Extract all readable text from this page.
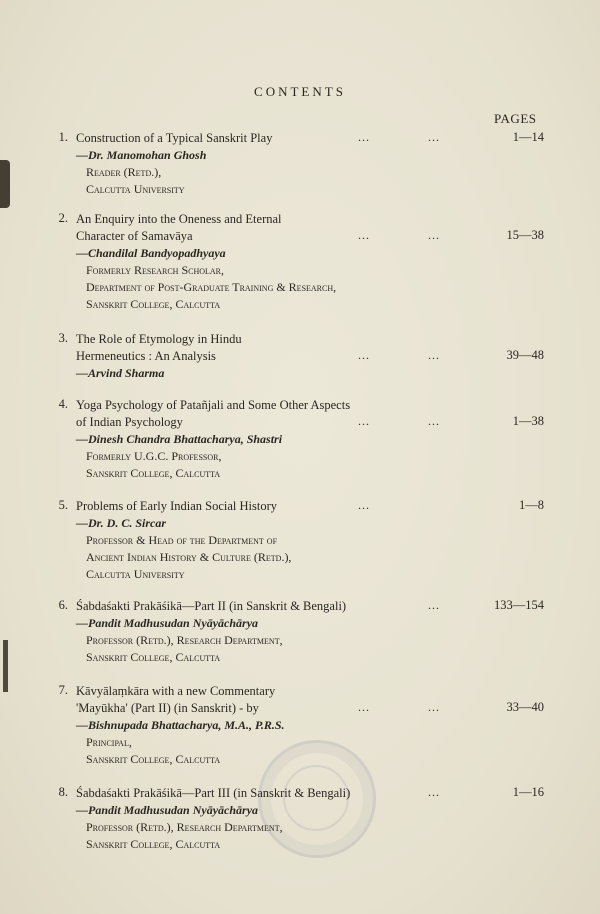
CONTENTS
PAGES
1. Construction of a Typical Sanskrit Play
—Dr. Manomohan Ghosh
Reader (Retd.),
Calcutta University
...	...	1—14
2. An Enquiry into the Oneness and Eternal
Character of Samavāya
—Chandilal Bandyopadhyaya
Formerly Research Scholar,
Department of Post-Graduate Training & Research,
Sanskrit College, Calcutta
...	...	15—38
3. The Role of Etymology in Hindu
Hermeneutics : An Analysis
—Arvind Sharma
...	...	39—48
4. Yoga Psychology of Patañjali and Some Other Aspects
of Indian Psychology
—Dinesh Chandra Bhattacharya, Shastri
Formerly U.G.C. Professor,
Sanskrit College, Calcutta
...	...	1—38
5. Problems of Early Indian Social History
—Dr. D. C. Sircar
Professor & Head of the Department of
Ancient Indian History & Culture (Retd.),
Calcutta University
...	1—8
6. Śabdaśakti Prakāśikā—Part II (in Sanskrit & Bengali)
—Pandit Madhusudan Nyāyāchārya
Professor (Retd.), Research Department,
Sanskrit College, Calcutta
...	133—154
7. Kāvyālaṃkāra with a new Commentary
'Mayūkha' (Part II) (in Sanskrit) - by
—Bishnupada Bhattacharya, M.A., P.R.S.
Principal,
Sanskrit College, Calcutta
...	...	33—40
8. Śabdaśakti Prakāśikā—Part III (in Sanskrit & Bengali)
—Pandit Madhusudan Nyāyāchārya
Professor (Retd.), Research Department,
Sanskrit College, Calcutta
...	1—16
